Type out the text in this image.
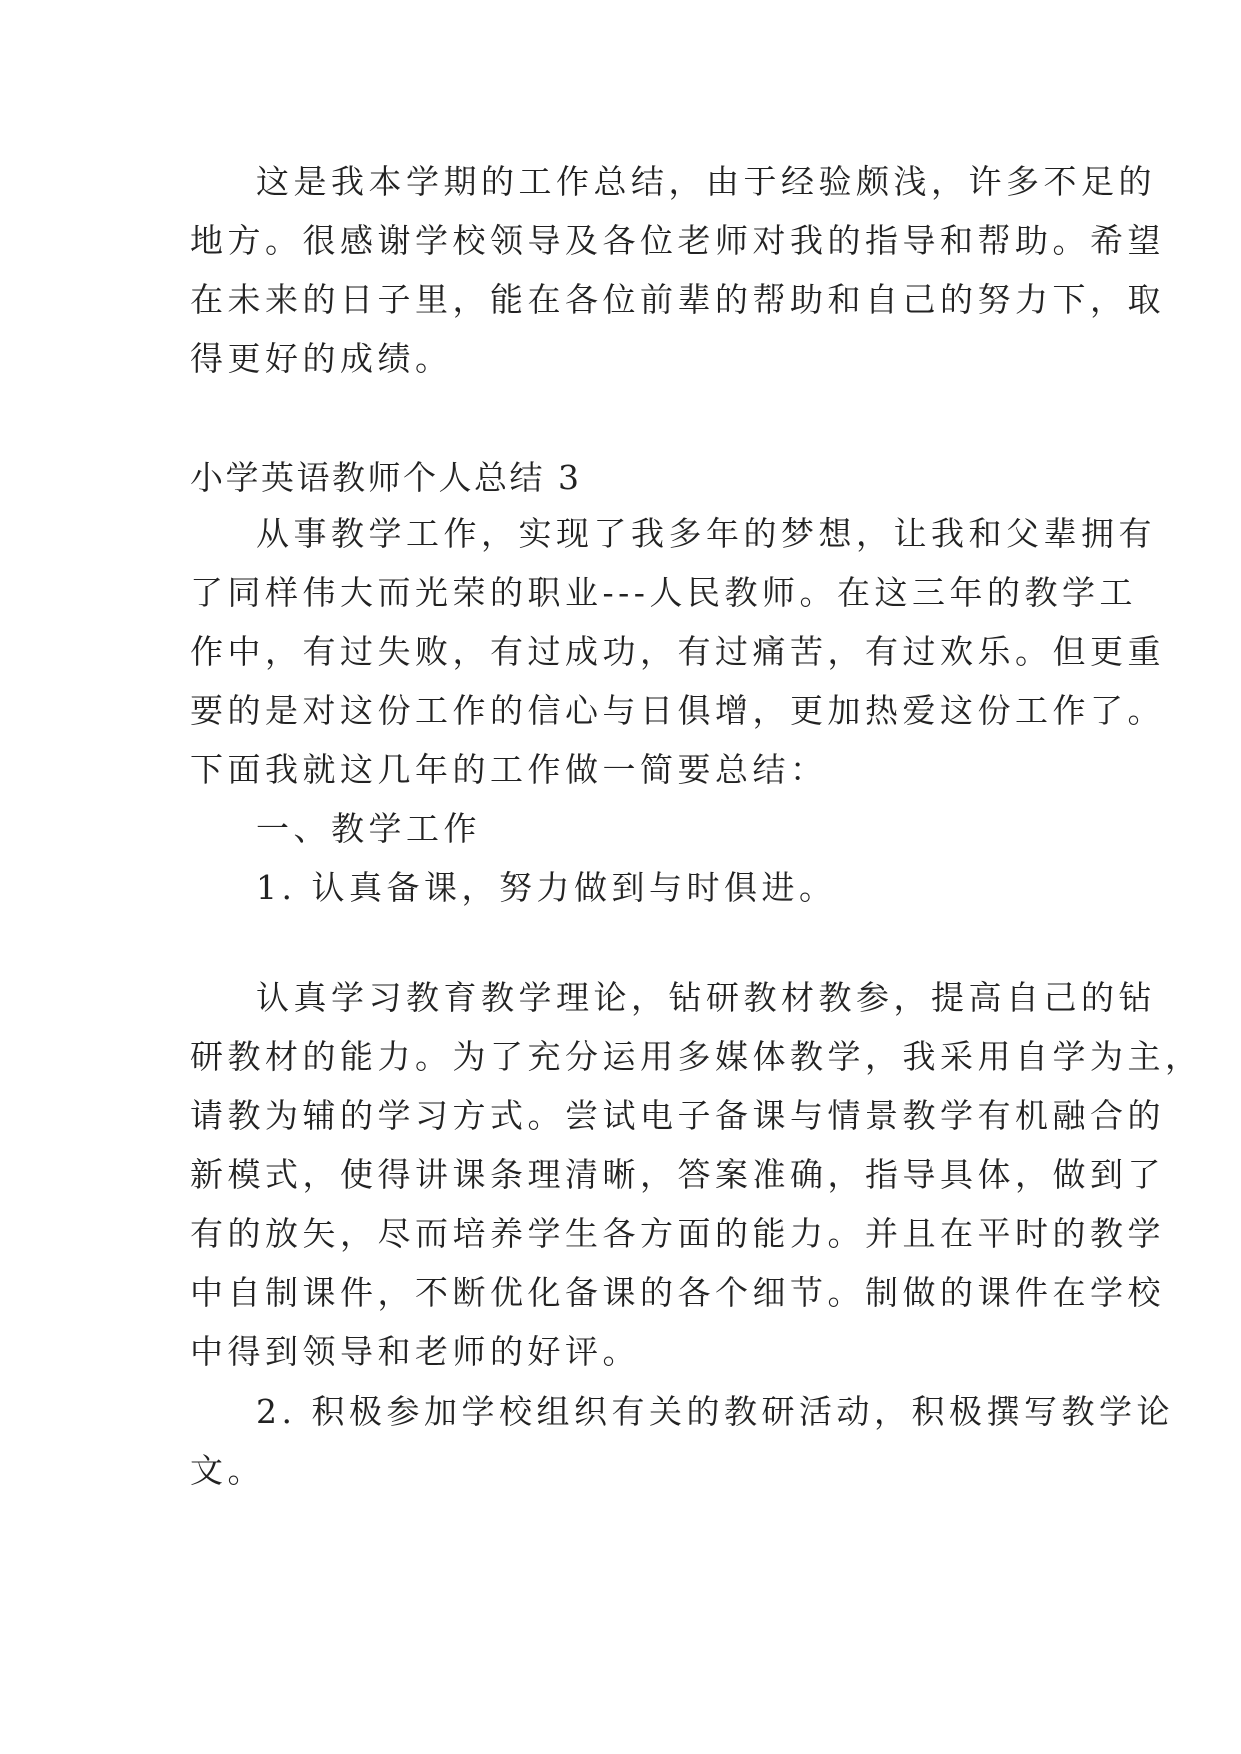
这是我本学期的工作总结，由于经验颇浅，许多不足的
地方。很感谢学校领导及各位老师对我的指导和帮助。希望
在未来的日子里，能在各位前辈的帮助和自己的努力下，取
得更好的成绩。
小学英语教师个人总结 3
从事教学工作，实现了我多年的梦想，让我和父辈拥有
了同样伟大而光荣的职业---人民教师。在这三年的教学工
作中，有过失败，有过成功，有过痛苦，有过欢乐。但更重
要的是对这份工作的信心与日俱增，更加热爱这份工作了。
下面我就这几年的工作做一简要总结：
一、教学工作
1. 认真备课，努力做到与时俱进。
认真学习教育教学理论，钻研教材教参，提高自己的钻
研教材的能力。为了充分运用多媒体教学，我采用自学为主，
请教为辅的学习方式。尝试电子备课与情景教学有机融合的
新模式，使得讲课条理清晰，答案准确，指导具体，做到了
有的放矢，尽而培养学生各方面的能力。并且在平时的教学
中自制课件，不断优化备课的各个细节。制做的课件在学校
中得到领导和老师的好评。
2. 积极参加学校组织有关的教研活动，积极撰写教学论
文。
